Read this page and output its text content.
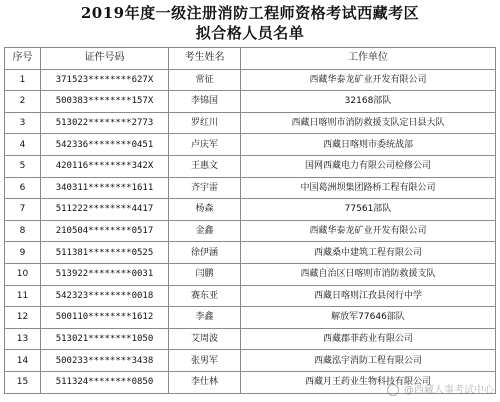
2019年度一级注册消防工程师资格考试西藏考区
拟合格人员名单
序号	证件号码	考生姓名	工作单位
1	371523********627X	常征	西藏华泰龙矿业开发有限公司
2	500383********157X	李锦国	32168部队
3	513022********2773	罗红川	西藏日喀则市消防救援支队定日县大队
4	542336********0451	卢庆军	西藏日喀则市委统战部
5	420116********342X	王惠文	国网西藏电力有限公司检修公司
6	340311********1611	齐宇雷	中国葛洲坝集团路桥工程有限公司
7	511222********4417	杨森	77561部队
8	210504********0517	金鑫	西藏华泰龙矿业开发有限公司
9	511381********0525	徐伊涵	西藏桑中建筑工程有限公司
10	513922********0031	闫鹏	西藏自治区日喀则市消防救援支队
11	542323********0018	赛东亚	西藏日喀则江孜县闵行中学
12	500110********1612	李鑫	解放军77646部队
13	513021********1050	艾周波	西藏郡菲药业有限公司
14	500233********3438	张男军	西藏泓宇消防工程有限公司
15	511324********0850	李仕林	西藏月王药业生物科技有限公司
@西藏人事考试中心
